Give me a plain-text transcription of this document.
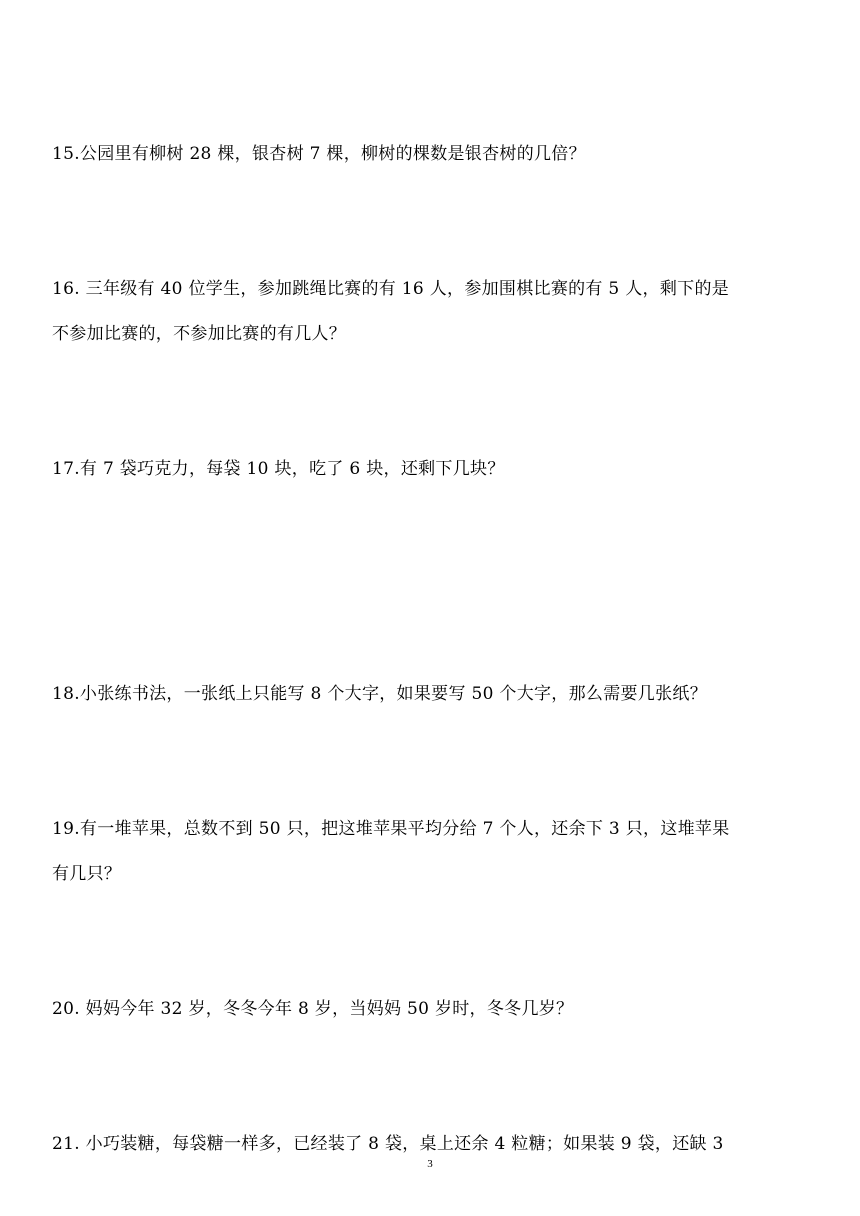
15.公园里有柳树 28 棵，银杏树 7 棵，柳树的棵数是银杏树的几倍？
16. 三年级有 40 位学生，参加跳绳比赛的有 16 人，参加围棋比赛的有 5 人，剩下的是
不参加比赛的，不参加比赛的有几人？
17.有 7 袋巧克力，每袋 10 块，吃了 6 块，还剩下几块？
18.小张练书法，一张纸上只能写 8 个大字，如果要写 50 个大字，那么需要几张纸？
19.有一堆苹果，总数不到 50 只，把这堆苹果平均分给 7 个人，还余下 3 只，这堆苹果
有几只？
20. 妈妈今年 32 岁，冬冬今年 8 岁，当妈妈 50 岁时，冬冬几岁？
21. 小巧装糖，每袋糖一样多，已经装了 8 袋，桌上还余 4 粒糖；如果装 9 袋，还缺 3
3
